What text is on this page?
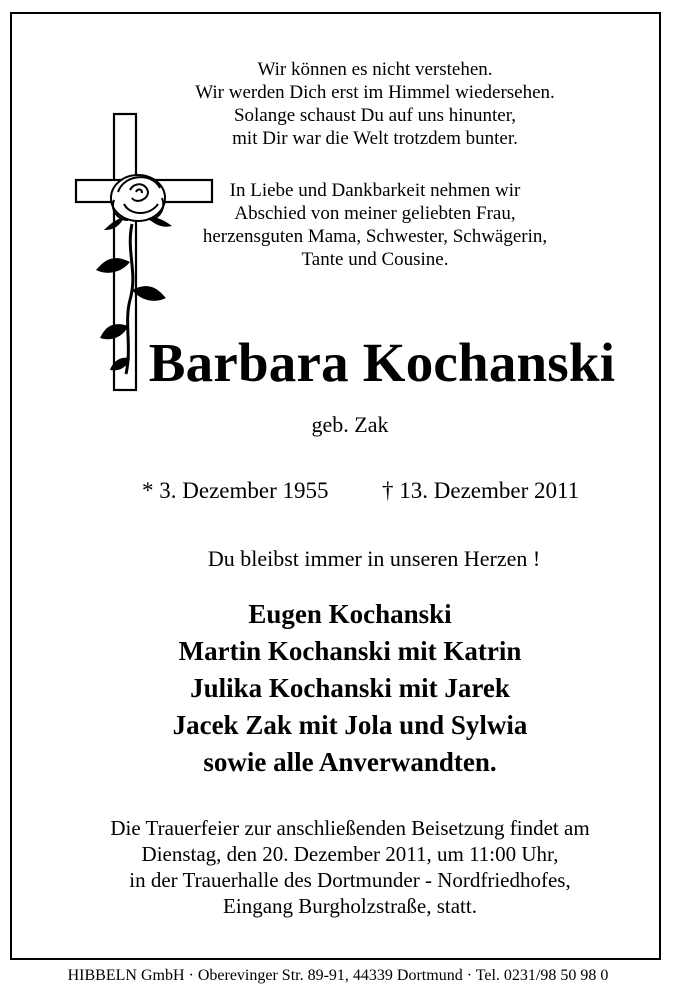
Wir können es nicht verstehen.
Wir werden Dich erst im Himmel wiedersehen.
Solange schaust Du auf uns hinunter,
mit Dir war die Welt trotzdem bunter.
In Liebe und Dankbarkeit nehmen wir
Abschied von meiner geliebten Frau,
herzensguten Mama, Schwester, Schwägerin,
Tante und Cousine.
Barbara Kochanski
geb. Zak
* 3. Dezember 1955 † 13. Dezember 2011
Du bleibst immer in unseren Herzen !
Eugen Kochanski
Martin Kochanski mit Katrin
Julika Kochanski mit Jarek
Jacek Zak mit Jola und Sylwia
sowie alle Anverwandten.
Die Trauerfeier zur anschließenden Beisetzung findet am
Dienstag, den 20. Dezember 2011, um 11:00 Uhr,
in der Trauerhalle des Dortmunder - Nordfriedhofes,
Eingang Burgholzstraße, statt.
HIBBELN GmbH · Oberevinger Str. 89-91, 44339 Dortmund · Tel. 0231/98 50 98 0
